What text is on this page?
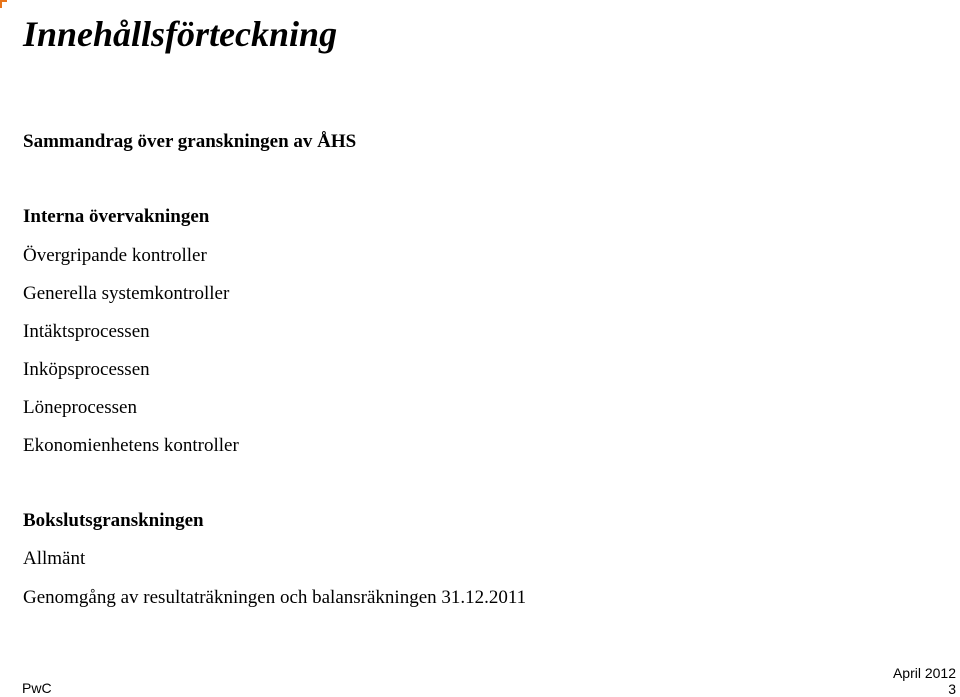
Innehållsförteckning

Sammandrag över granskningen av ÅHS

Interna övervakningen

Övergripande kontroller

Generella systemkontroller

Intäktsprocessen

Inköpsprocessen

Löneprocessen

Ekonomienhetens kontroller

Bokslutsgranskningen

Allmänt

Genomgång av resultaträkningen och balansräkningen 31.12.2011

PwC
April 2012
3
